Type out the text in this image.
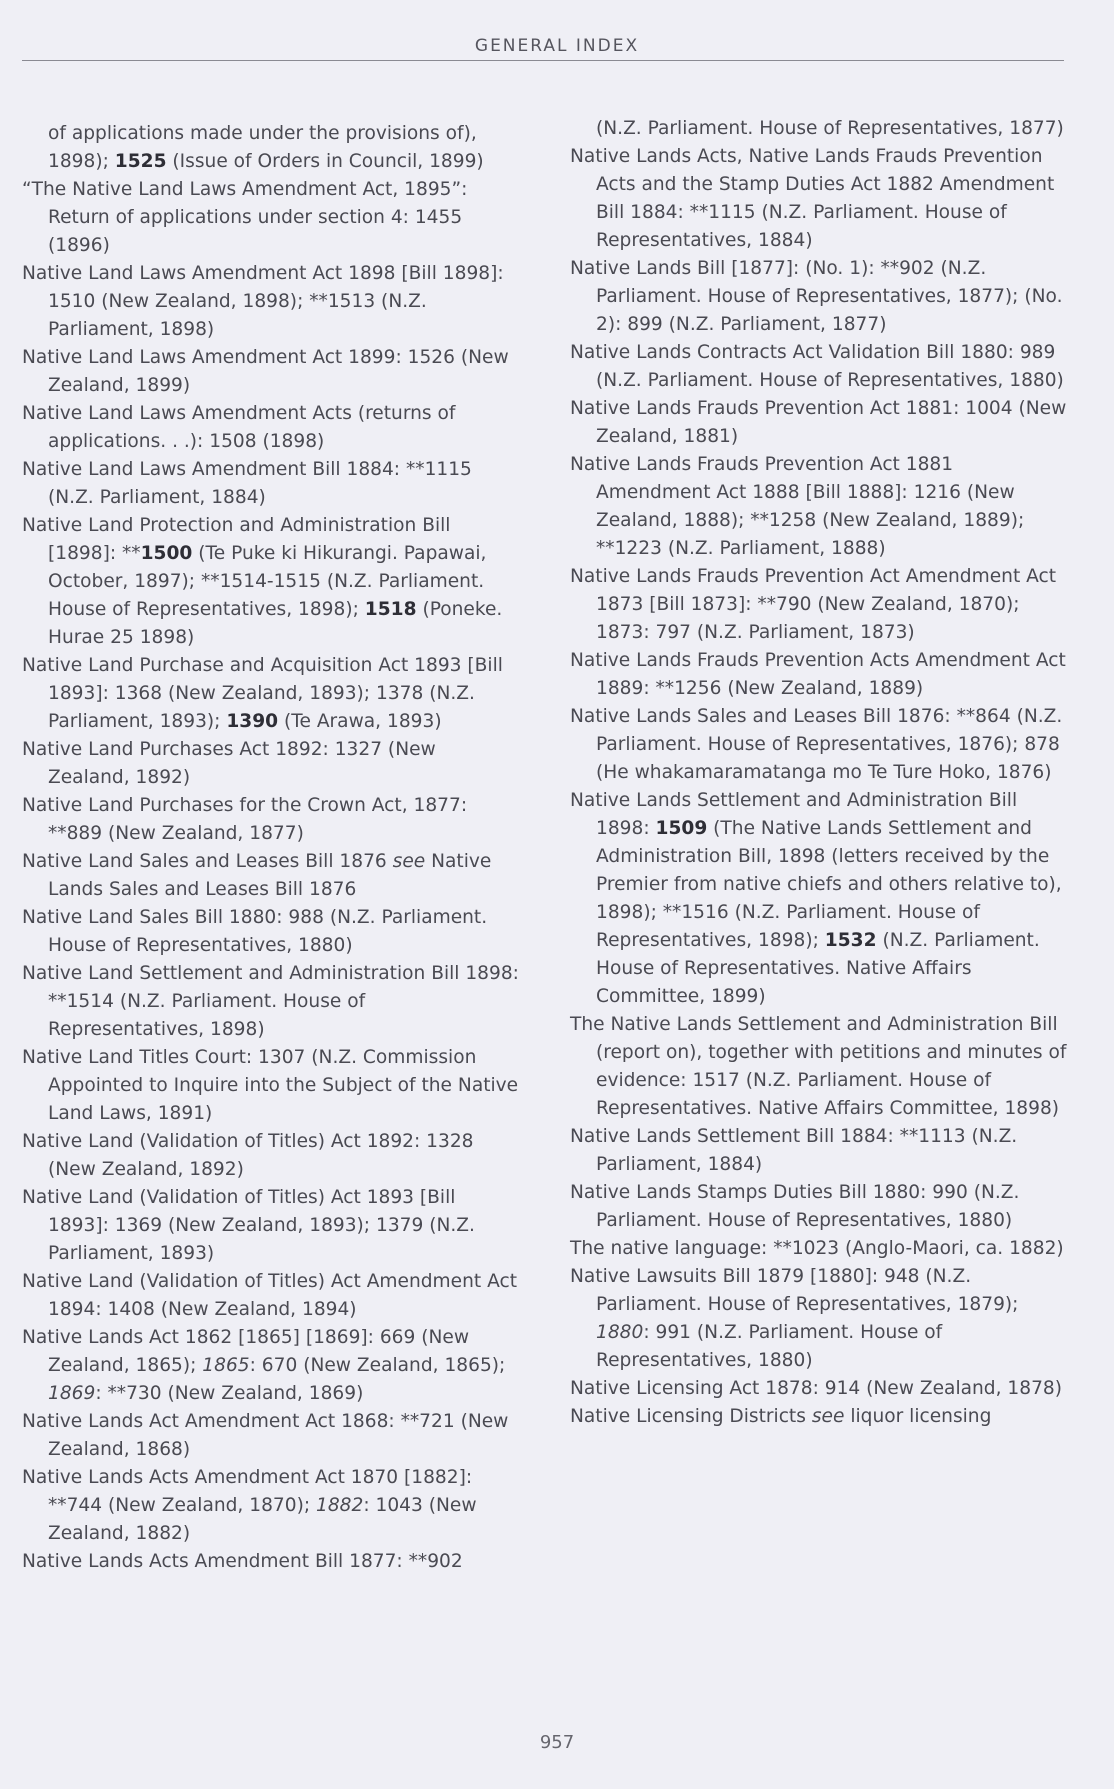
GENERAL INDEX

of applications made under the provisions of), 1898); 1525 (Issue of Orders in Council, 1899)

“The Native Land Laws Amendment Act, 1895”: Return of applications under section 4: 1455 (1896)

Native Land Laws Amendment Act 1898 [Bill 1898]: 1510 (New Zealand, 1898); **1513 (N.Z. Parliament, 1898)

Native Land Laws Amendment Act 1899: 1526 (New Zealand, 1899)

Native Land Laws Amendment Acts (returns of applications. . .): 1508 (1898)

Native Land Laws Amendment Bill 1884: **1115 (N.Z. Parliament, 1884)

Native Land Protection and Administration Bill [1898]: **1500 (Te Puke ki Hikurangi. Papawai, October, 1897); **1514-1515 (N.Z. Parliament. House of Representatives, 1898); 1518 (Poneke. Hurae 25 1898)

Native Land Purchase and Acquisition Act 1893 [Bill 1893]: 1368 (New Zealand, 1893); 1378 (N.Z. Parliament, 1893); 1390 (Te Arawa, 1893)

Native Land Purchases Act 1892: 1327 (New Zealand, 1892)

Native Land Purchases for the Crown Act, 1877: **889 (New Zealand, 1877)

Native Land Sales and Leases Bill 1876 see Native Lands Sales and Leases Bill 1876

Native Land Sales Bill 1880: 988 (N.Z. Parliament. House of Representatives, 1880)

Native Land Settlement and Administration Bill 1898: **1514 (N.Z. Parliament. House of Representatives, 1898)

Native Land Titles Court: 1307 (N.Z. Commission Appointed to Inquire into the Subject of the Native Land Laws, 1891)

Native Land (Validation of Titles) Act 1892: 1328 (New Zealand, 1892)

Native Land (Validation of Titles) Act 1893 [Bill 1893]: 1369 (New Zealand, 1893); 1379 (N.Z. Parliament, 1893)

Native Land (Validation of Titles) Act Amendment Act 1894: 1408 (New Zealand, 1894)

Native Lands Act 1862 [1865] [1869]: 669 (New Zealand, 1865); 1865: 670 (New Zealand, 1865); 1869: **730 (New Zealand, 1869)

Native Lands Act Amendment Act 1868: **721 (New Zealand, 1868)

Native Lands Acts Amendment Act 1870 [1882]: **744 (New Zealand, 1870); 1882: 1043 (New Zealand, 1882)

Native Lands Acts Amendment Bill 1877: **902

(N.Z. Parliament. House of Representatives, 1877)

Native Lands Acts, Native Lands Frauds Prevention Acts and the Stamp Duties Act 1882 Amendment Bill 1884: **1115 (N.Z. Parliament. House of Representatives, 1884)

Native Lands Bill [1877]: (No. 1): **902 (N.Z. Parliament. House of Representatives, 1877); (No. 2): 899 (N.Z. Parliament, 1877)

Native Lands Contracts Act Validation Bill 1880: 989 (N.Z. Parliament. House of Representatives, 1880)

Native Lands Frauds Prevention Act 1881: 1004 (New Zealand, 1881)

Native Lands Frauds Prevention Act 1881 Amendment Act 1888 [Bill 1888]: 1216 (New Zealand, 1888); **1258 (New Zealand, 1889); **1223 (N.Z. Parliament, 1888)

Native Lands Frauds Prevention Act Amendment Act 1873 [Bill 1873]: **790 (New Zealand, 1870); 1873: 797 (N.Z. Parliament, 1873)

Native Lands Frauds Prevention Acts Amendment Act 1889: **1256 (New Zealand, 1889)

Native Lands Sales and Leases Bill 1876: **864 (N.Z. Parliament. House of Representatives, 1876); 878 (He whakamaramatanga mo Te Ture Hoko, 1876)

Native Lands Settlement and Administration Bill 1898: 1509 (The Native Lands Settlement and Administration Bill, 1898 (letters received by the Premier from native chiefs and others relative to), 1898); **1516 (N.Z. Parliament. House of Representatives, 1898); 1532 (N.Z. Parliament. House of Representatives. Native Affairs Committee, 1899)

The Native Lands Settlement and Administration Bill (report on), together with petitions and minutes of evidence: 1517 (N.Z. Parliament. House of Representatives. Native Affairs Committee, 1898)

Native Lands Settlement Bill 1884: **1113 (N.Z. Parliament, 1884)

Native Lands Stamps Duties Bill 1880: 990 (N.Z. Parliament. House of Representatives, 1880)

The native language: **1023 (Anglo-Maori, ca. 1882)

Native Lawsuits Bill 1879 [1880]: 948 (N.Z. Parliament. House of Representatives, 1879); 1880: 991 (N.Z. Parliament. House of Representatives, 1880)

Native Licensing Act 1878: 914 (New Zealand, 1878)

Native Licensing Districts see liquor licensing

957
